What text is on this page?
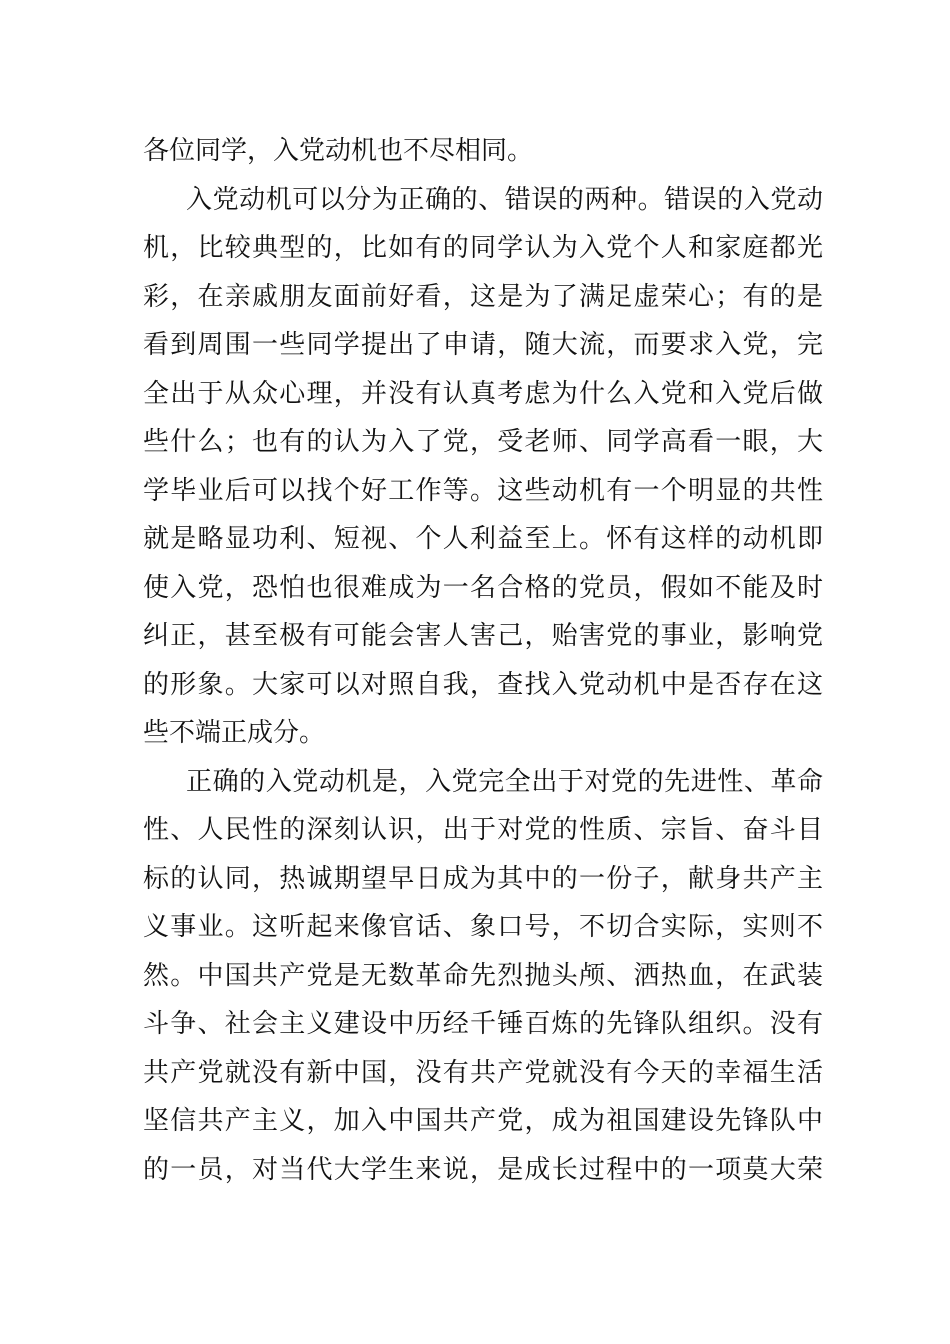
各位同学，入党动机也不尽相同。
入党动机可以分为正确的、错误的两种。错误的入党动
机，比较典型的，比如有的同学认为入党个人和家庭都光
彩，在亲戚朋友面前好看，这是为了满足虚荣心；有的是
看到周围一些同学提出了申请，随大流，而要求入党，完
全出于从众心理，并没有认真考虑为什么入党和入党后做
些什么；也有的认为入了党，受老师、同学高看一眼，大
学毕业后可以找个好工作等。这些动机有一个明显的共性
就是略显功利、短视、个人利益至上。怀有这样的动机即
使入党，恐怕也很难成为一名合格的党员，假如不能及时
纠正，甚至极有可能会害人害己，贻害党的事业，影响党
的形象。大家可以对照自我，查找入党动机中是否存在这
些不端正成分。
正确的入党动机是，入党完全出于对党的先进性、革命
性、人民性的深刻认识，出于对党的性质、宗旨、奋斗目
标的认同，热诚期望早日成为其中的一份子，献身共产主
义事业。这听起来像官话、象口号，不切合实际，实则不
然。中国共产党是无数革命先烈抛头颅、洒热血，在武装
斗争、社会主义建设中历经千锤百炼的先锋队组织。没有
共产党就没有新中国，没有共产党就没有今天的幸福生活
坚信共产主义，加入中国共产党，成为祖国建设先锋队中
的一员，对当代大学生来说，是成长过程中的一项莫大荣
